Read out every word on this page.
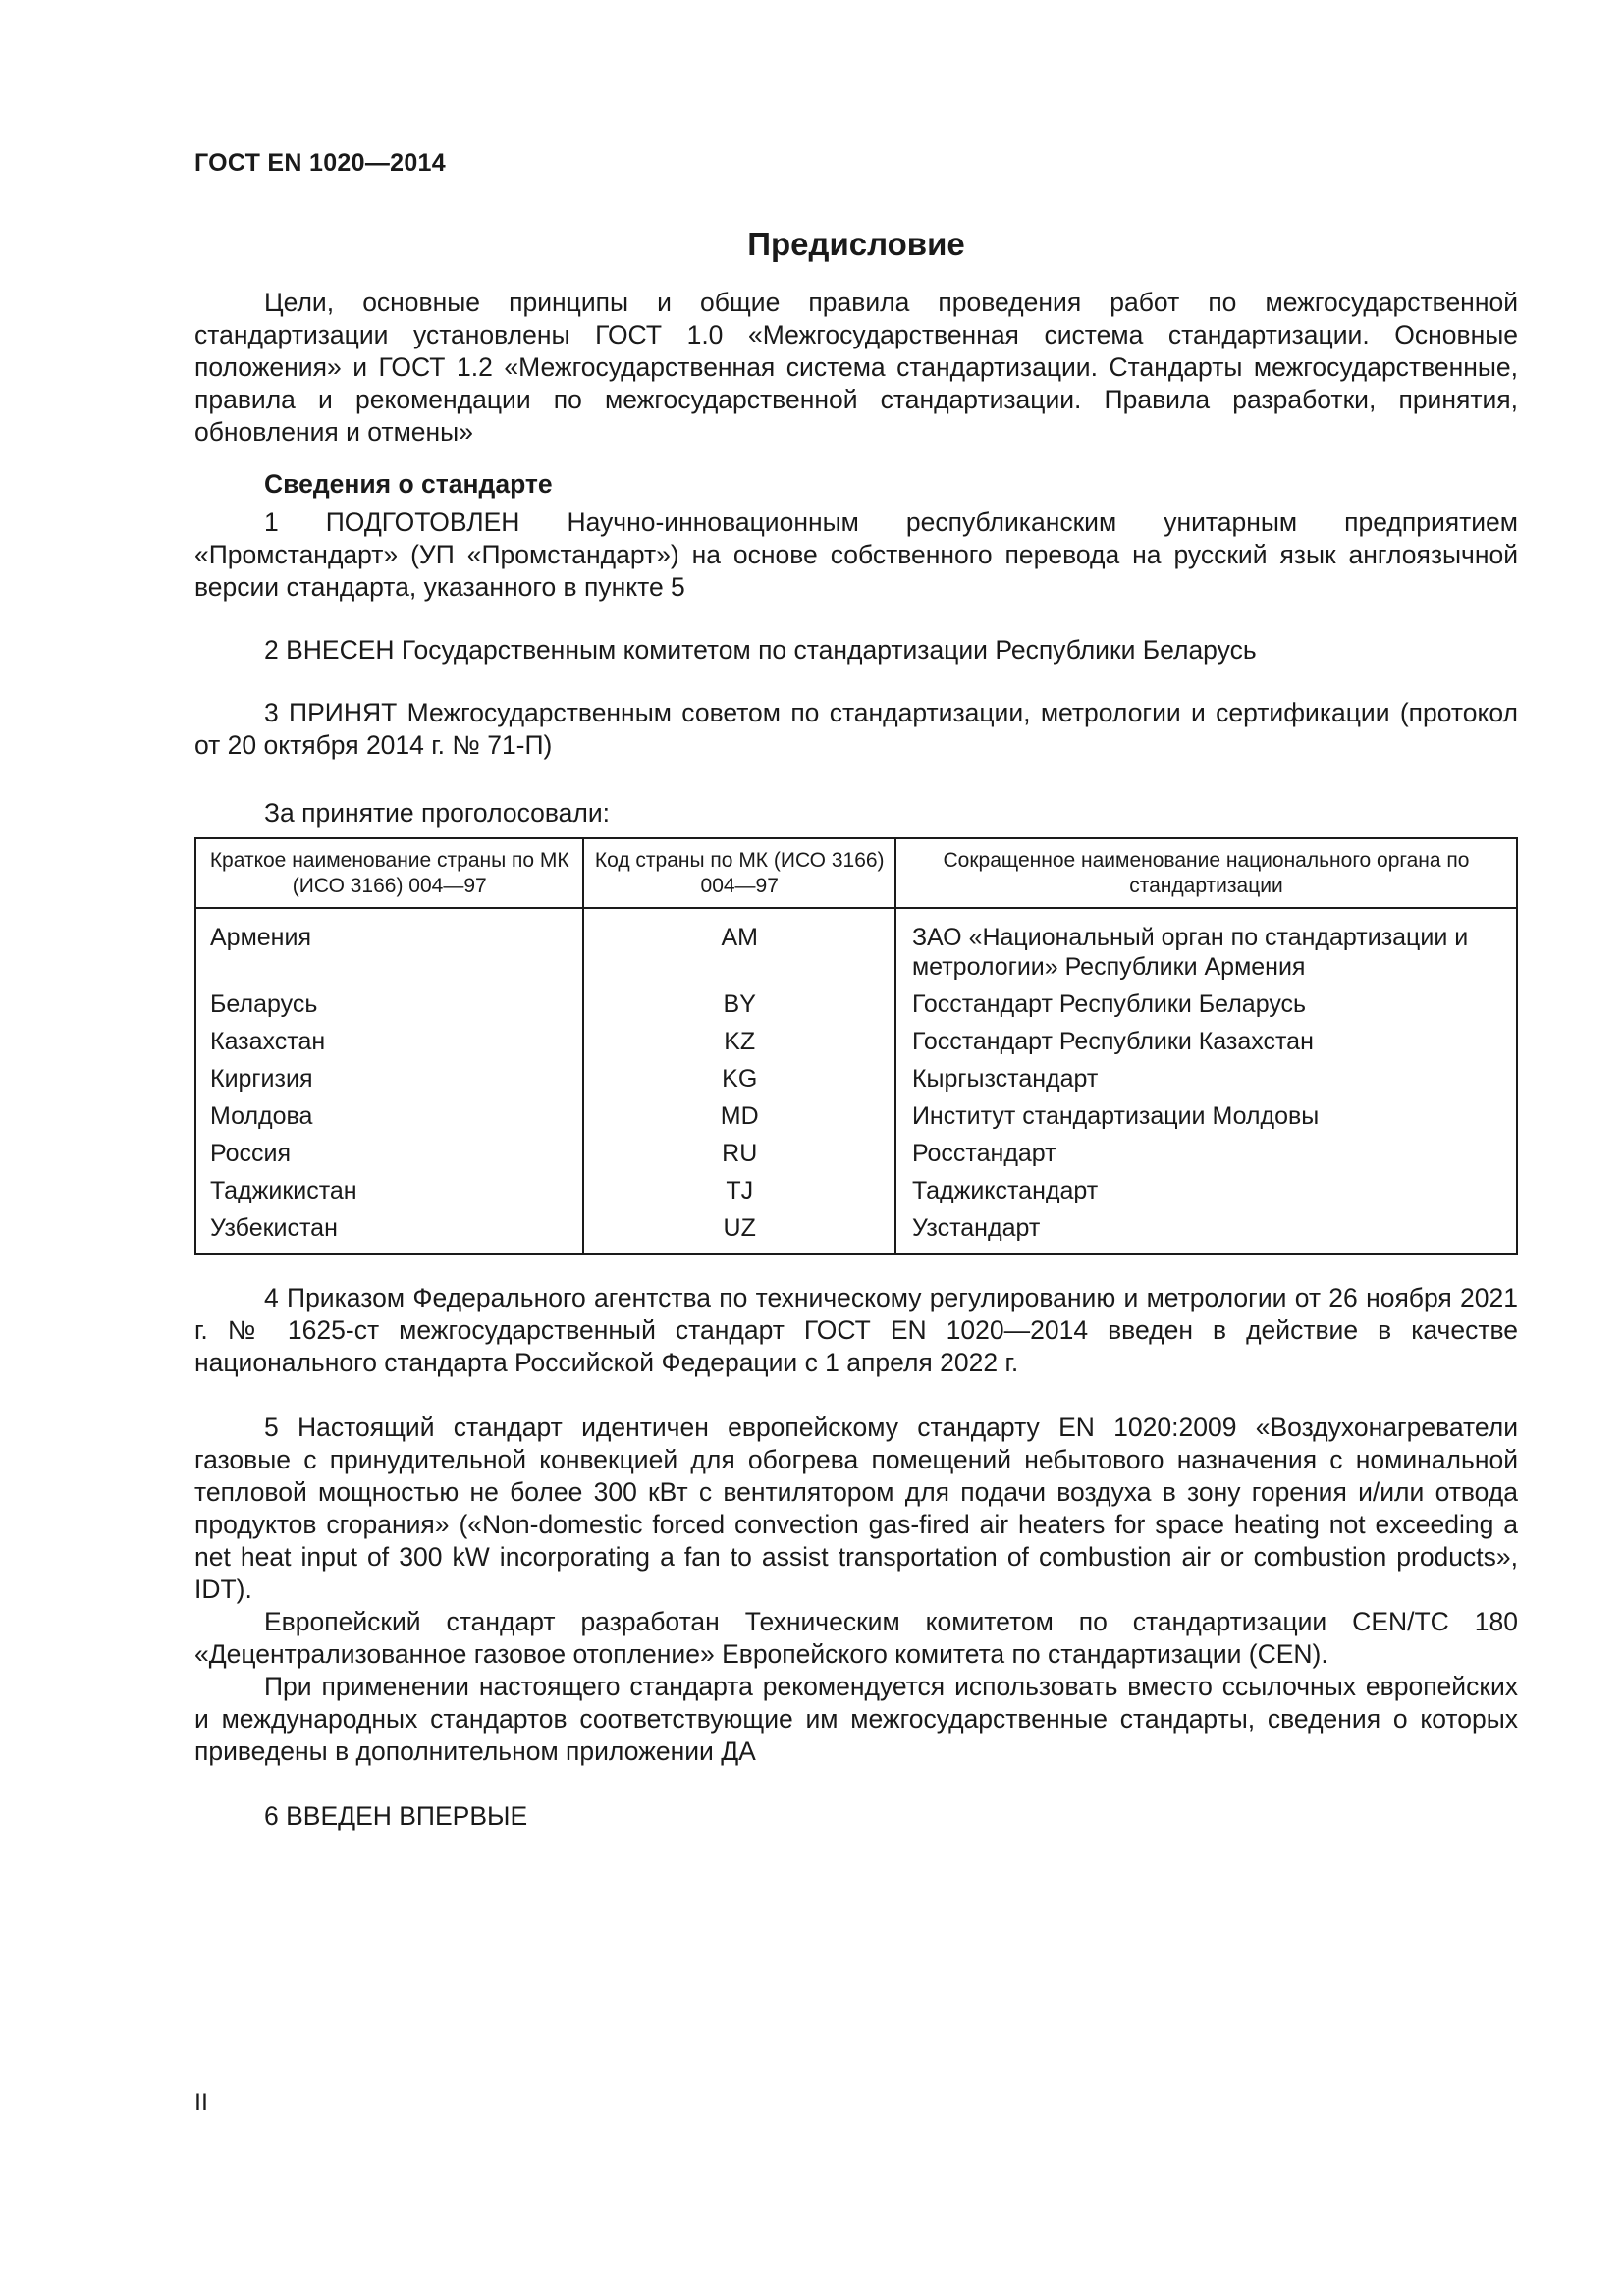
ГОСТ EN 1020—2014
Предисловие

Цели, основные принципы и общие правила проведения работ по межгосударственной стандартизации установлены ГОСТ 1.0 «Межгосударственная система стандартизации. Основные положения» и ГОСТ 1.2 «Межгосударственная система стандартизации. Стандарты межгосударственные, правила и рекомендации по межгосударственной стандартизации. Правила разработки, принятия, обновления и отмены»

Сведения о стандарте

1 ПОДГОТОВЛЕН Научно-инновационным республиканским унитарным предприятием «Промстандарт» (УП «Промстандарт») на основе собственного перевода на русский язык англоязычной версии стандарта, указанного в пункте 5

2 ВНЕСЕН Государственным комитетом по стандартизации Республики Беларусь

3 ПРИНЯТ Межгосударственным советом по стандартизации, метрологии и сертификации (протокол от 20 октября 2014 г. № 71-П)

За принятие проголосовали:

Краткое наименование страны по МК (ИСО 3166) 004—97	Код страны по МК (ИСО 3166) 004—97	Сокращенное наименование национального органа по стандартизации
Армения	AM	ЗАО «Национальный орган по стандартизации и метрологии» Республики Армения
Беларусь	BY	Госстандарт Республики Беларусь
Казахстан	KZ	Госстандарт Республики Казахстан
Киргизия	KG	Кыргызстандарт
Молдова	MD	Институт стандартизации Молдовы
Россия	RU	Росстандарт
Таджикистан	TJ	Таджикстандарт
Узбекистан	UZ	Узстандарт

4 Приказом Федерального агентства по техническому регулированию и метрологии от 26 ноября 2021 г. № 1625-ст межгосударственный стандарт ГОСТ EN 1020—2014 введен в действие в качестве национального стандарта Российской Федерации с 1 апреля 2022 г.

5 Настоящий стандарт идентичен европейскому стандарту EN 1020:2009 «Воздухонагреватели газовые с принудительной конвекцией для обогрева помещений небытового назначения с номинальной тепловой мощностью не более 300 кВт с вентилятором для подачи воздуха в зону горения и/или отвода продуктов сгорания» («Non-domestic forced convection gas-fired air heaters for space heating not exceeding a net heat input of 300 kW incorporating a fan to assist transportation of combustion air or combustion products», IDT).

Европейский стандарт разработан Техническим комитетом по стандартизации CEN/TC 180 «Децентрализованное газовое отопление» Европейского комитета по стандартизации (CEN).

При применении настоящего стандарта рекомендуется использовать вместо ссылочных европейских и международных стандартов соответствующие им межгосударственные стандарты, сведения о которых приведены в дополнительном приложении ДА

6 ВВЕДЕН ВПЕРВЫЕ

II
